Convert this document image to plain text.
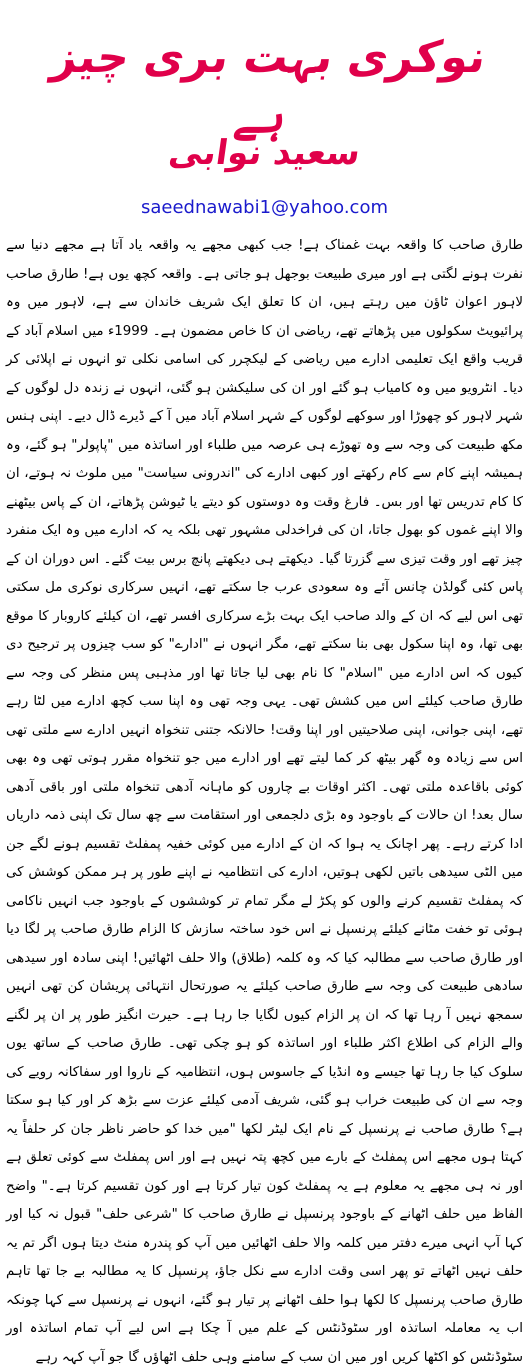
نوکری بہت بری چیز ہے
سعید نوابی
saeednawabi1@yahoo.com
طارق صاحب کا واقعہ بہت غمناک ہے! جب کبھی مجھے یہ واقعہ یاد آتا ہے مجھے دنیا سے نفرت ہونے لگتی ہے اور میری طبیعت بوجھل ہو جاتی ہے۔ واقعہ کچھ یوں ہے! طارق صاحب لاہور اعوان ٹاؤن میں رہتے ہیں، ان کا تعلق ایک شریف خاندان سے ہے، لاہور میں وہ پرائیویٹ سکولوں میں پڑھاتے تھے، ریاضی ان کا خاص مضمون ہے۔ 1999ء میں اسلام آباد کے قریب واقع ایک تعلیمی ادارے میں ریاضی کے لیکچرر کی اسامی نکلی تو انہوں نے اپلائی کر دیا۔ انٹرویو میں وہ کامیاب ہو گئے اور ان کی سلیکشن ہو گئی، انہوں نے زندہ دل لوگوں کے شہر لاہور کو چھوڑا اور سوکھے لوگوں کے شہر اسلام آباد میں آ کے ڈیرے ڈال دیے۔ اپنی ہنس مکھ طبیعت کی وجہ سے وہ تھوڑے ہی عرصہ میں طلباء اور اساتذہ میں "پاپولر" ہو گئے، وہ ہمیشہ اپنے کام سے کام رکھتے اور کبھی ادارے کی "اندرونی سیاست" میں ملوث نہ ہوتے، ان کا کام تدریس تھا اور بس۔ فارغ وقت وہ دوستوں کو دیتے یا ٹیوشن پڑھاتے، ان کے پاس بیٹھنے والا اپنے غموں کو بھول جاتا، ان کی فراخدلی مشہور تھی بلکہ یہ کہ ادارے میں وہ ایک منفرد چیز تھے اور وقت تیزی سے گزرتا گیا۔ دیکھتے ہی دیکھتے پانچ برس بیت گئے۔ اس دوران ان کے پاس کئی گولڈن چانس آئے وہ سعودی عرب جا سکتے تھے، انہیں سرکاری نوکری مل سکتی تھی اس لیے کہ ان کے والد صاحب ایک بہت بڑے سرکاری افسر تھے، ان کیلئے کاروبار کا موقع بھی تھا، وہ اپنا سکول بھی بنا سکتے تھے، مگر انہوں نے "ادارے" کو سب چیزوں پر ترجیح دی کیوں کہ اس ادارے میں "اسلام" کا نام بھی لیا جاتا تھا اور مذہبی پس منظر کی وجہ سے طارق صاحب کیلئے اس میں کشش تھی۔ یہی وجہ تھی وہ اپنا سب کچھ ادارے میں لٹا رہے تھے، اپنی جوانی، اپنی صلاحیتیں اور اپنا وقت! حالانکہ جتنی تنخواہ انہیں ادارے سے ملتی تھی اس سے زیادہ وہ گھر بیٹھ کر کما لیتے تھے اور ادارے میں جو تنخواہ مقرر ہوتی تھی وہ بھی کوئی باقاعدہ ملتی تھی۔ اکثر اوقات بے چاروں کو ماہانہ آدھی تنخواہ ملتی اور باقی آدھی سال بعد! ان حالات کے باوجود وہ بڑی دلجمعی اور استقامت سے چھ سال تک اپنی ذمہ داریاں ادا کرتے رہے۔ پھر اچانک یہ ہوا کہ ان کے ادارے میں کوئی خفیہ پمفلٹ تقسیم ہونے لگے جن میں الٹی سیدھی باتیں لکھی ہوتیں، ادارے کی انتظامیہ نے اپنے طور پر ہر ممکن کوشش کی کہ پمفلٹ تقسیم کرنے والوں کو پکڑ لے مگر تمام تر کوششوں کے باوجود جب انہیں ناکامی ہوئی تو خفت مٹانے کیلئے پرنسپل نے اس خود ساختہ سازش کا الزام طارق صاحب پر لگا دیا اور طارق صاحب سے مطالبہ کیا کہ وہ کلمہ (طلاق) والا حلف اٹھائیں! اپنی سادہ اور سیدھی سادھی طبیعت کی وجہ سے طارق صاحب کیلئے یہ صورتحال انتہائی پریشان کن تھی انہیں سمجھ نہیں آ رہا تھا کہ ان پر الزام کیوں لگایا جا رہا ہے۔ حیرت انگیز طور پر ان پر لگنے والے الزام کی اطلاع اکثر طلباء اور اساتذہ کو ہو چکی تھی۔ طارق صاحب کے ساتھ یوں سلوک کیا جا رہا تھا جیسے وہ انڈیا کے جاسوس ہوں، انتظامیہ کے ناروا اور سفاکانہ رویے کی وجہ سے ان کی طبیعت خراب ہو گئی، شریف آدمی کیلئے عزت سے بڑھ کر اور کیا ہو سکتا ہے؟ طارق صاحب نے پرنسپل کے نام ایک لیٹر لکھا "میں خدا کو حاضر ناظر جان کر حلفاً یہ کہتا ہوں مجھے اس پمفلٹ کے بارے میں کچھ پتہ نہیں ہے اور اس پمفلٹ سے کوئی تعلق ہے اور نہ ہی مجھے یہ معلوم ہے یہ پمفلٹ کون تیار کرتا ہے اور کون تقسیم کرتا ہے۔" واضح الفاظ میں حلف اٹھانے کے باوجود پرنسپل نے طارق صاحب کا "شرعی حلف" قبول نہ کیا اور کہا آپ انہی میرے دفتر میں کلمہ والا حلف اٹھائیں میں آپ کو پندرہ منٹ دیتا ہوں اگر تم یہ حلف نہیں اٹھاتے تو پھر اسی وقت ادارے سے نکل جاؤ، پرنسپل کا یہ مطالبہ بے جا تھا تاہم طارق صاحب پرنسپل کا لکھا ہوا حلف اٹھانے پر تیار ہو گئے، انہوں نے پرنسپل سے کہا چونکہ اب یہ معاملہ اساتذہ اور سٹوڈنٹس کے علم میں آ چکا ہے اس لیے آپ تمام اساتذہ اور سٹوڈنٹس کو اکٹھا کریں اور میں ان سب کے سامنے وہی حلف اٹھاؤں گا جو آپ کہہ رہے
